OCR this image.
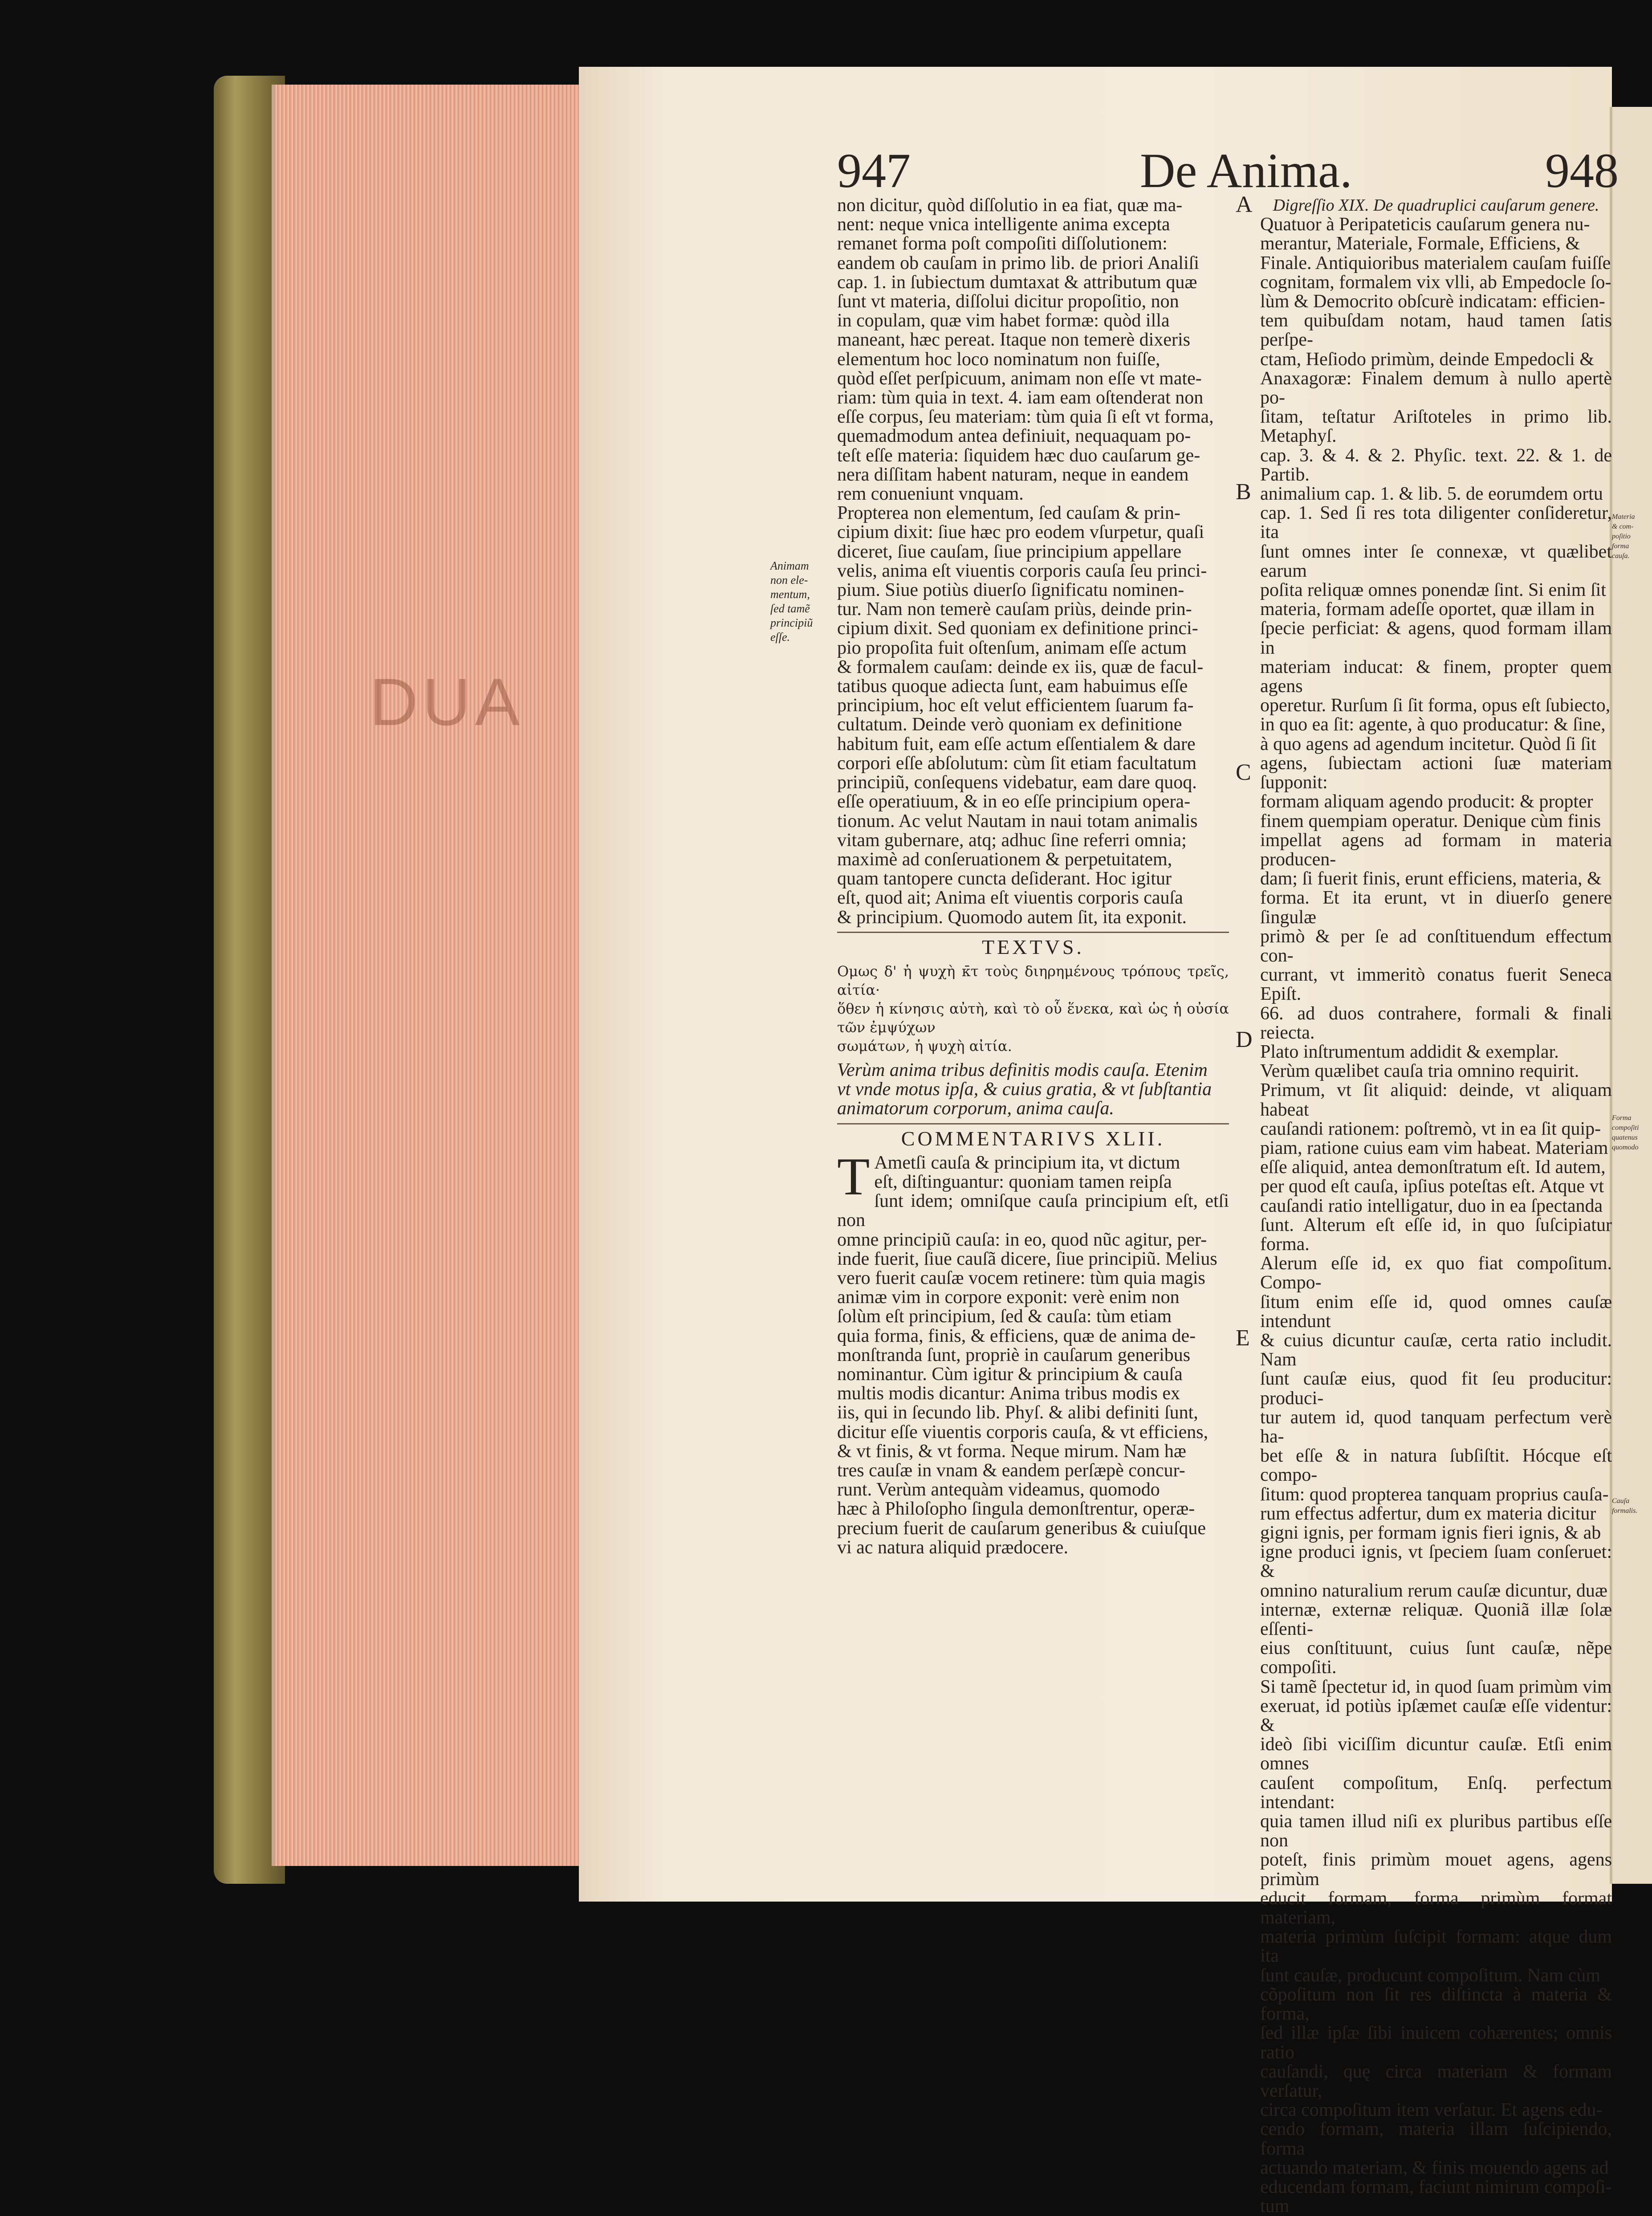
DUA
947	De Anima.	948
non dicitur, quòd diſſolutio in ea fiat, quæ ma-
nent: neque vnica intelligente anima excepta
remanet forma poſt compoſiti diſſolutionem:
eandem ob cauſam in primo lib. de priori Analiſi
cap. 1. in ſubiectum dumtaxat & attributum quæ
ſunt vt materia, diſſolui dicitur propoſitio, non
in copulam, quæ vim habet formæ: quòd illa
maneant, hæc pereat. Itaque non temerè dixeris
elementum hoc loco nominatum non fuiſſe,
quòd eſſet perſpicuum, animam non eſſe vt mate-
riam: tùm quia in text. 4. iam eam oſtenderat non
eſſe corpus, ſeu materiam: tùm quia ſi eſt vt forma,
quemadmodum antea definiuit, nequaquam po-
teſt eſſe materia: ſiquidem hæc duo cauſarum ge-
nera diſſitam habent naturam, neque in eandem
rem conueniunt vnquam.
Propterea non elementum, ſed cauſam & prin-
cipium dixit: ſiue hæc pro eodem vſurpetur, quaſi
diceret, ſiue cauſam, ſiue principium appellare
velis, anima eſt viuentis corporis cauſa ſeu princi-
pium. Siue potiùs diuerſo ſignificatu nominen-
tur. Nam non temerè cauſam priùs, deinde prin-
cipium dixit. Sed quoniam ex definitione princi-
pio propoſita fuit oſtenſum, animam eſſe actum
& formalem cauſam: deinde ex iis, quæ de facul-
tatibus quoque adiecta ſunt, eam habuimus eſſe
principium, hoc eſt velut efficientem ſuarum fa-
cultatum. Deinde verò quoniam ex definitione
habitum fuit, eam eſſe actum eſſentialem & dare
corpori eſſe abſolutum: cùm ſit etiam facultatum
principiũ, conſequens videbatur, eam dare quoq.
eſſe operatiuum, & in eo eſſe principium opera-
tionum. Ac velut Nautam in naui totam animalis
vitam gubernare, atq; adhuc ſine referri omnia;
maximè ad conſeruationem & perpetuitatem,
quam tantopere cuncta deſiderant. Hoc igitur
eſt, quod ait; Anima eſt viuentis corporis cauſa
& principium. Quomodo autem ſit, ita exponit.
TEXTVS.
Ομως δ' ἡ ψυχὴ κ̄τ τοὺς διηρημένους τρόπους τρεῖς, αἰτία·
ὅθεν ἡ κίνησις αὐτὴ, καὶ τὸ οὗ ἕνεκα, καὶ ὡς ἡ οὐσία τῶν ἐμψύχων
σωμάτων, ἡ ψυχὴ αἰτία.
Verùm anima tribus definitis modis cauſa. Etenim
vt vnde motus ipſa, & cuius gratia, & vt ſubſtantia
animatorum corporum, anima cauſa.
COMMENTARIVS XLII.
T Ametſi cauſa & principium ita, vt dictum
eſt, diſtinguantur: quoniam tamen reipſa
ſunt idem; omniſque cauſa principium eſt, etſi non
omne principiũ cauſa: in eo, quod nũc agitur, per-
inde fuerit, ſiue cauſã dicere, ſiue principiũ. Melius
vero fuerit cauſæ vocem retinere: tùm quia magis
animæ vim in corpore exponit: verè enim non
ſolùm eſt principium, ſed & cauſa: tùm etiam
quia forma, finis, & efficiens, quæ de anima de-
monſtranda ſunt, propriè in cauſarum generibus
nominantur. Cùm igitur & principium & cauſa
multis modis dicantur: Anima tribus modis ex
iis, qui in ſecundo lib. Phyſ. & alibi definiti ſunt,
dicitur eſſe viuentis corporis cauſa, & vt efficiens,
& vt finis, & vt forma. Neque mirum. Nam hæ
tres cauſæ in vnam & eandem perſæpè concur-
runt. Verùm antequàm videamus, quomodo
hæc à Philoſopho ſingula demonſtrentur, operæ-
precium fuerit de cauſarum generibus & cuiuſque
vi ac natura aliquid prædocere.
Animam
non ele-
mentum,
ſed tamẽ
principiũ
eſſe.
A
B
C
D
E
Digreſſio XIX. De quadruplici cauſarum genere.
Quatuor à Peripateticis cauſarum genera nu-
merantur, Materiale, Formale, Efficiens, &
Finale. Antiquioribus materialem cauſam fuiſſe
cognitam, formalem vix vlli, ab Empedocle ſo-
lùm & Democrito obſcurè indicatam: efficien-
tem quibuſdam notam, haud tamen ſatis perſpe-
ctam, Heſiodo primùm, deinde Empedocli &
Anaxagoræ: Finalem demum à nullo apertè po-
ſitam, teſtatur Ariſtoteles in primo lib. Metaphyſ.
cap. 3. & 4. & 2. Phyſic. text. 22. & 1. de Partib.
animalium cap. 1. & lib. 5. de eorumdem ortu
cap. 1. Sed ſi res tota diligenter conſideretur, ita
ſunt omnes inter ſe connexæ, vt quælibet earum
poſita reliquæ omnes ponendæ ſint. Si enim ſit
materia, formam adeſſe oportet, quæ illam in
ſpecie perficiat: & agens, quod formam illam in
materiam inducat: & finem, propter quem agens
operetur. Rurſum ſi ſit forma, opus eſt ſubiecto,
in quo ea ſit: agente, à quo producatur: & ſine,
à quo agens ad agendum incitetur. Quòd ſi ſit
agens, ſubiectam actioni ſuæ materiam ſupponit:
formam aliquam agendo producit: & propter
finem quempiam operatur. Denique cùm finis
impellat agens ad formam in materia producen-
dam; ſi fuerit finis, erunt efficiens, materia, &
forma. Et ita erunt, vt in diuerſo genere ſingulæ
primò & per ſe ad conſtituendum effectum con-
currant, vt immeritò conatus fuerit Seneca Epiſt.
66. ad duos contrahere, formali & finali reiecta.
Plato inſtrumentum addidit & exemplar.
Verùm quælibet cauſa tria omnino requirit.
Primum, vt ſit aliquid: deinde, vt aliquam habeat
cauſandi rationem: poſtremò, vt in ea ſit quip-
piam, ratione cuius eam vim habeat. Materiam
eſſe aliquid, antea demonſtratum eſt. Id autem,
per quod eſt cauſa, ipſius poteſtas eſt. Atque vt
cauſandi ratio intelligatur, duo in ea ſpectanda
ſunt. Alterum eſt eſſe id, in quo ſuſcipiatur forma.
Alerum eſſe id, ex quo fiat compoſitum. Compo-
ſitum enim eſſe id, quod omnes cauſæ intendunt
& cuius dicuntur cauſæ, certa ratio includit. Nam
ſunt cauſæ eius, quod fit ſeu producitur: produci-
tur autem id, quod tanquam perfectum verè ha-
bet eſſe & in natura ſubſiſtit. Hócque eſt compo-
ſitum: quod propterea tanquam proprius cauſa-
rum effectus adfertur, dum ex materia dicitur
gigni ignis, per formam ignis fieri ignis, & ab
igne produci ignis, vt ſpeciem ſuam conſeruet: &
omnino naturalium rerum cauſæ dicuntur, duæ
internæ, externæ reliquæ. Quoniã illæ ſolæ eſſenti-
eius conſtituunt, cuius ſunt cauſæ, nẽpe compoſiti.
Si tamẽ ſpectetur id, in quod ſuam primùm vim
exeruat, id potiùs ipſæmet cauſæ eſſe videntur: &
ideò ſibi viciſſim dicuntur cauſæ. Etſi enim omnes
cauſent compoſitum, Enſq. perfectum intendant:
quia tamen illud niſi ex pluribus partibus eſſe non
poteſt, finis primùm mouet agens, agens primùm
educit formam, forma primùm format materiam,
materia primùm ſuſcipit formam: atque dum ita
ſunt cauſæ, producunt compoſitum. Nam cùm
cõpoſitum non ſit res diſtincta à materia & forma,
ſed illæ ipſæ ſibi inuicem cohærentes; omnis ratio
cauſandi, quę circa materiam & formam verſatur,
circa compoſitum item verſatur. Et agens edu-
cendo formam, materia illam ſuſcipiendo, forma
actuando materiam, & finis mouendo agens ad
educendam formam, faciunt nimirum compoſi-
tum
Materia
& com-
poſitio
forma
cauſa.
Forma
compoſiti
quatenus
quomodo
Cauſa
formalis.
